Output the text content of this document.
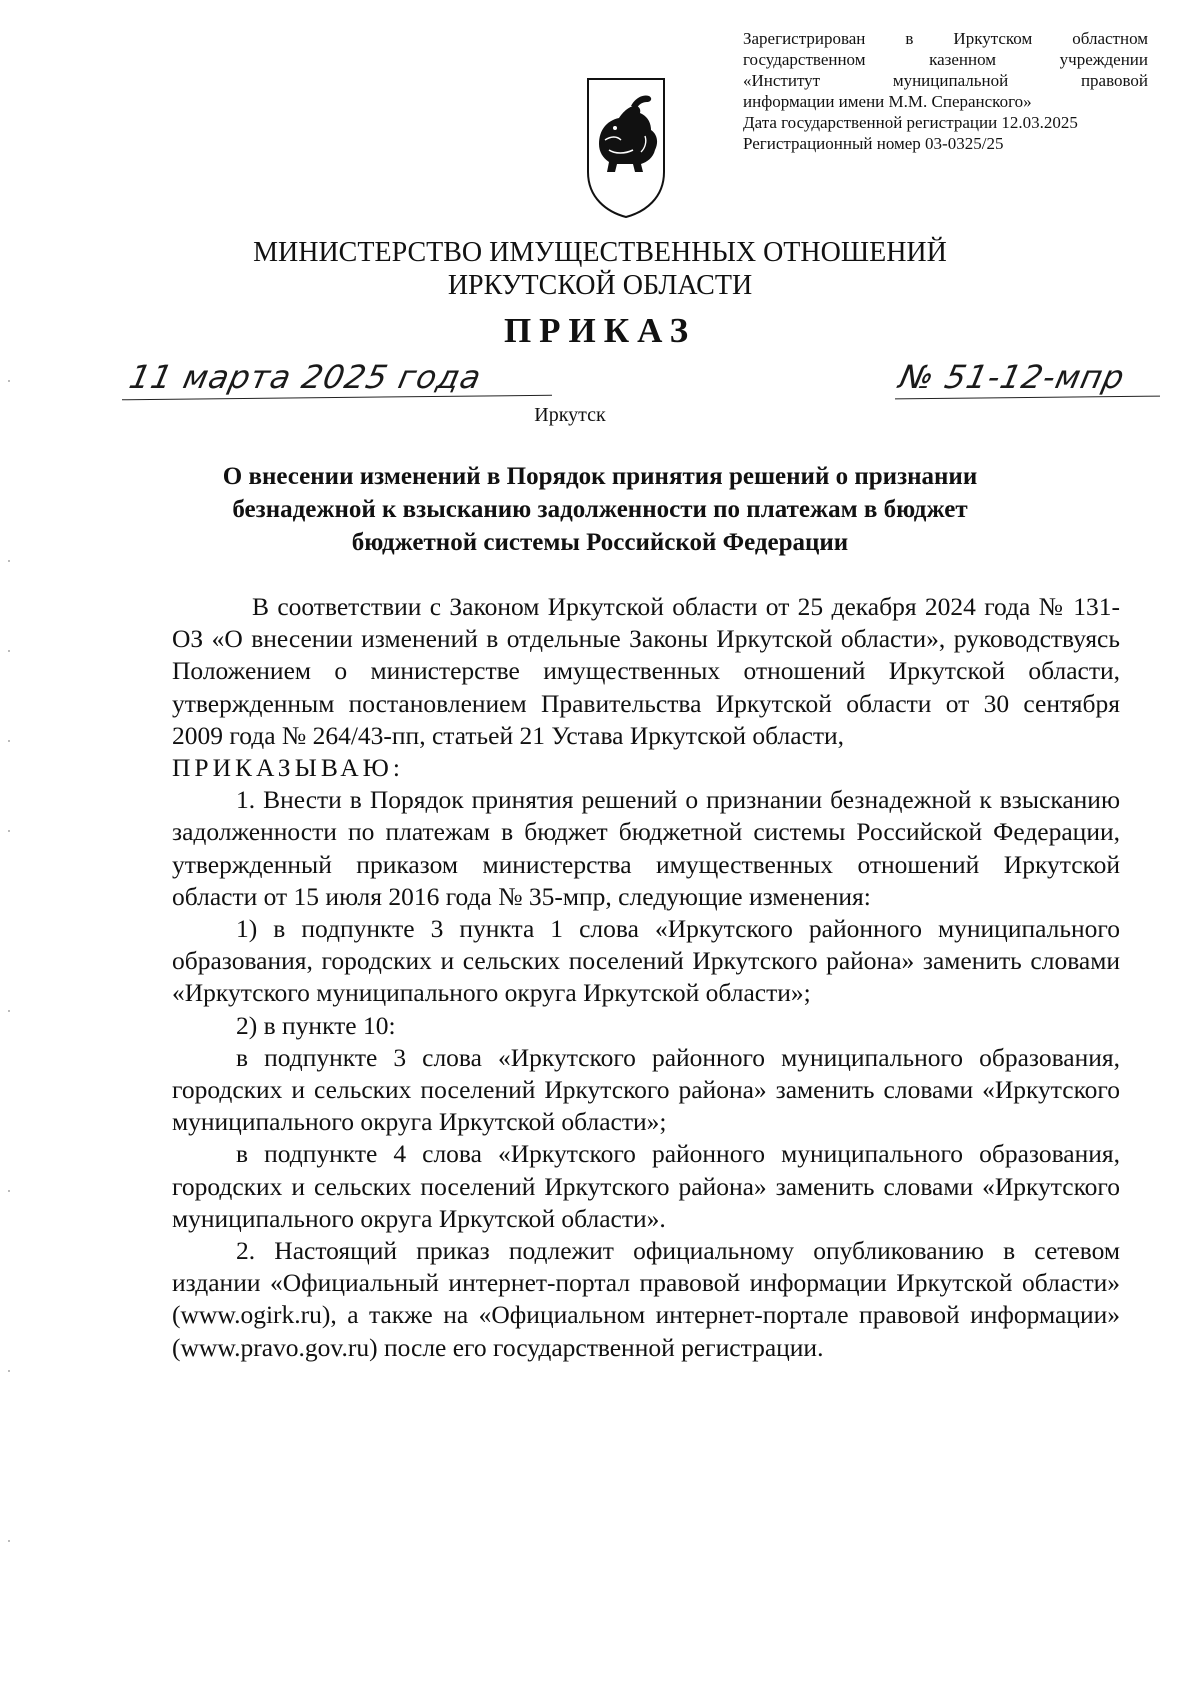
Зарегистрирован в Иркутском областном
государственном казенном учреждении
«Институт муниципальной правовой
информации имени М.М. Сперанского»
Дата государственной регистрации 12.03.2025
Регистрационный номер 03-0325/25
МИНИСТЕРСТВО ИМУЩЕСТВЕННЫХ ОТНОШЕНИЙ
ИРКУТСКОЙ ОБЛАСТИ
ПРИКАЗ
11 марта 2025 года	№ 51-12-мпр
Иркутск
О внесении изменений в Порядок принятия решений о признании
безнадежной к взысканию задолженности по платежам в бюджет
бюджетной системы Российской Федерации

В соответствии с Законом Иркутской области от 25 декабря 2024 года № 131-ОЗ «О внесении изменений в отдельные Законы Иркутской области», руководствуясь Положением о министерстве имущественных отношений Иркутской области, утвержденным постановлением Правительства Иркутской области от 30 сентября 2009 года № 264/43-пп, статьей 21 Устава Иркутской области,

ПРИКАЗЫВАЮ:

1. Внести в Порядок принятия решений о признании безнадежной к взысканию задолженности по платежам в бюджет бюджетной системы Российской Федерации, утвержденный приказом министерства имущественных отношений Иркутской области от 15 июля 2016 года № 35-мпр, следующие изменения:

1) в подпункте 3 пункта 1 слова «Иркутского районного муниципального образования, городских и сельских поселений Иркутского района» заменить словами «Иркутского муниципального округа Иркутской области»;

2) в пункте 10:

в подпункте 3 слова «Иркутского районного муниципального образования, городских и сельских поселений Иркутского района» заменить словами «Иркутского муниципального округа Иркутской области»;

в подпункте 4 слова «Иркутского районного муниципального образования, городских и сельских поселений Иркутского района» заменить словами «Иркутского муниципального округа Иркутской области».

2. Настоящий приказ подлежит официальному опубликованию в сетевом издании «Официальный интернет-портал правовой информации Иркутской области» (www.ogirk.ru), а также на «Официальном интернет-портале правовой информации» (www.pravo.gov.ru) после его государственной регистрации.
